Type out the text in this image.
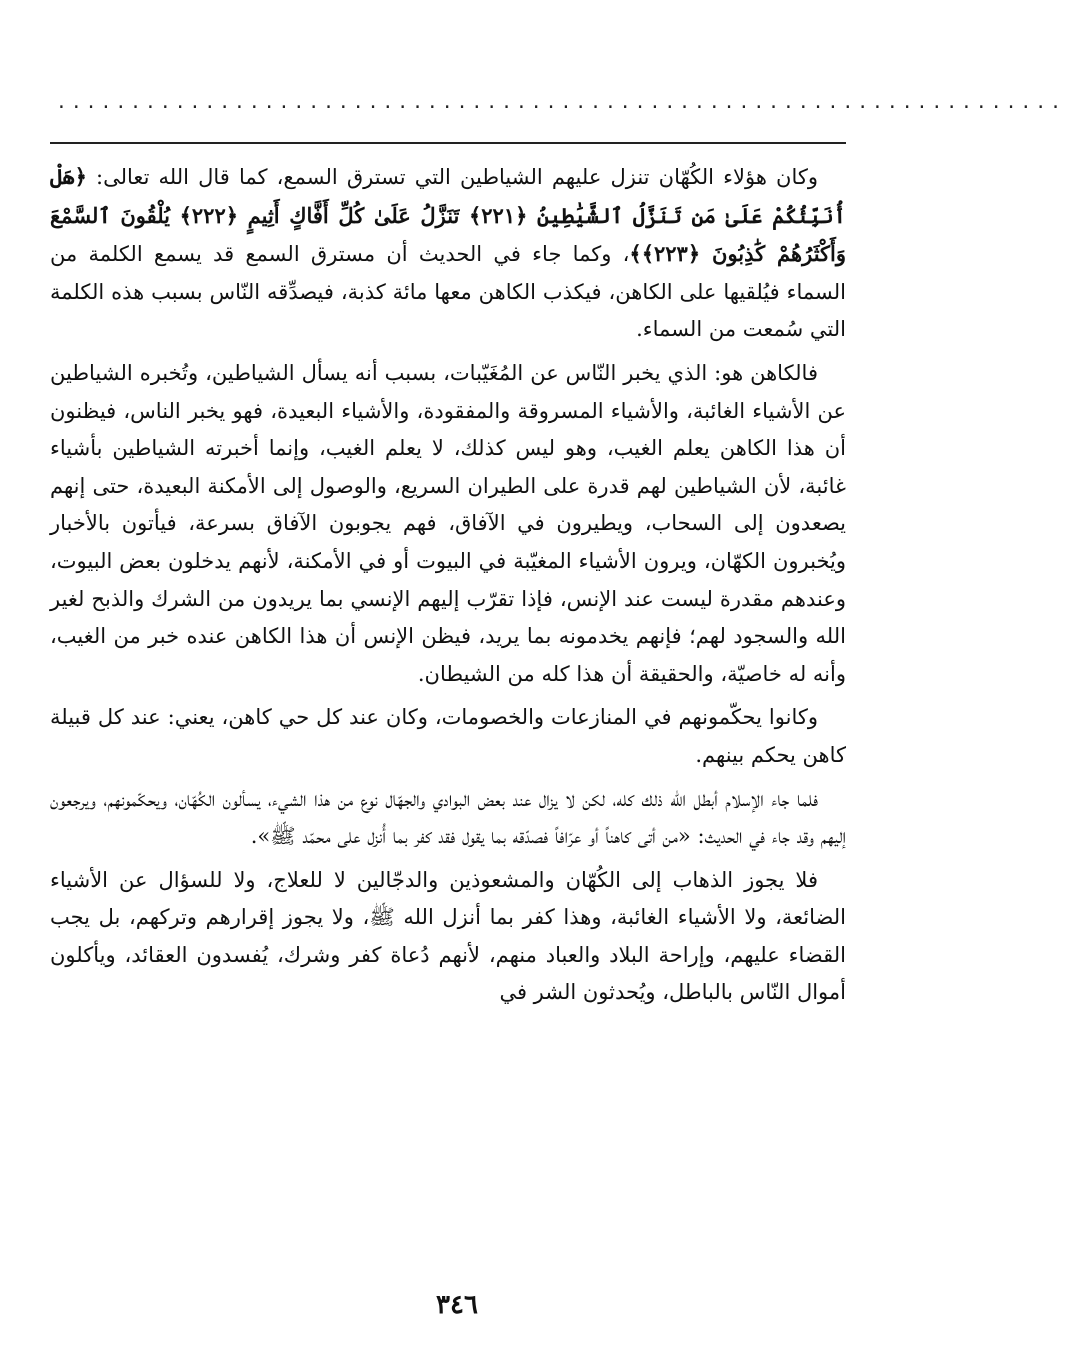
....................................................................

وكان هؤلاء الكُهّان تنزل عليهم الشياطين التي تسترق السمع، كما قال الله تعالى: ﴿هَلْ أُنَبِّئُكُمْ عَلَىٰ مَن تَنَزَّلُ ٱلشَّيَٰطِينُ ﴿٢٢١﴾ تَنَزَّلُ عَلَىٰ كُلِّ أَفَّاكٍ أَثِيمٍ ﴿٢٢٢﴾ يُلْقُونَ ٱلسَّمْعَ وَأَكْثَرُهُمْ كَٰذِبُونَ ﴿٢٢٣﴾﴾، وكما جاء في الحديث أن مسترق السمع قد يسمع الكلمة من السماء فيُلقيها على الكاهن، فيكذب الكاهن معها مائة كذبة، فيصدِّقه النّاس بسبب هذه الكلمة التي سُمعت من السماء.

فالكاهن هو: الذي يخبر النّاس عن المُغَيّبات، بسبب أنه يسأل الشياطين، وتُخبره الشياطين عن الأشياء الغائبة، والأشياء المسروقة والمفقودة، والأشياء البعيدة، فهو يخبر الناس، فيظنون أن هذا الكاهن يعلم الغيب، وهو ليس كذلك، لا يعلم الغيب، وإنما أخبرته الشياطين بأشياء غائبة، لأن الشياطين لهم قدرة على الطيران السريع، والوصول إلى الأمكنة البعيدة، حتى إنهم يصعدون إلى السحاب، ويطيرون في الآفاق، فهم يجوبون الآفاق بسرعة، فيأتون بالأخبار ويُخبرون الكهّان، ويرون الأشياء المغيّبة في البيوت أو في الأمكنة، لأنهم يدخلون بعض البيوت، وعندهم مقدرة ليست عند الإنس، فإذا تقرّب إليهم الإنسي بما يريدون من الشرك والذبح لغير الله والسجود لهم؛ فإنهم يخدمونه بما يريد، فيظن الإنس أن هذا الكاهن عنده خبر من الغيب، وأنه له خاصيّة، والحقيقة أن هذا كله من الشيطان.

وكانوا يحكّمونهم في المنازعات والخصومات، وكان عند كل حي كاهن، يعني: عند كل قبيلة كاهن يحكم بينهم.

فلما جاء الإسلام أبطل الله ذلك كله، لكن لا يزال عند بعض البوادي والجهّال نوع من هذا الشيء، يسألون الكُهّان، ويحكّمونهم، ويرجعون إليهم وقد جاء في الحديث: «من أتى كاهناً أو عرّافاً فصدّقه بما يقول فقد كفر بما أُنزل على محمّد ﷺ».

فلا يجوز الذهاب إلى الكُهّان والمشعوذين والدجّالين لا للعلاج، ولا للسؤال عن الأشياء الضائعة، ولا الأشياء الغائبة، وهذا كفر بما أنزل الله ﷺ، ولا يجوز إقرارهم وتركهم، بل يجب القضاء عليهم، وإراحة البلاد والعباد منهم، لأنهم دُعاة كفر وشرك، يُفسدون العقائد، ويأكلون أموال النّاس بالباطل، ويُحدثون الشر في

٣٤٦
